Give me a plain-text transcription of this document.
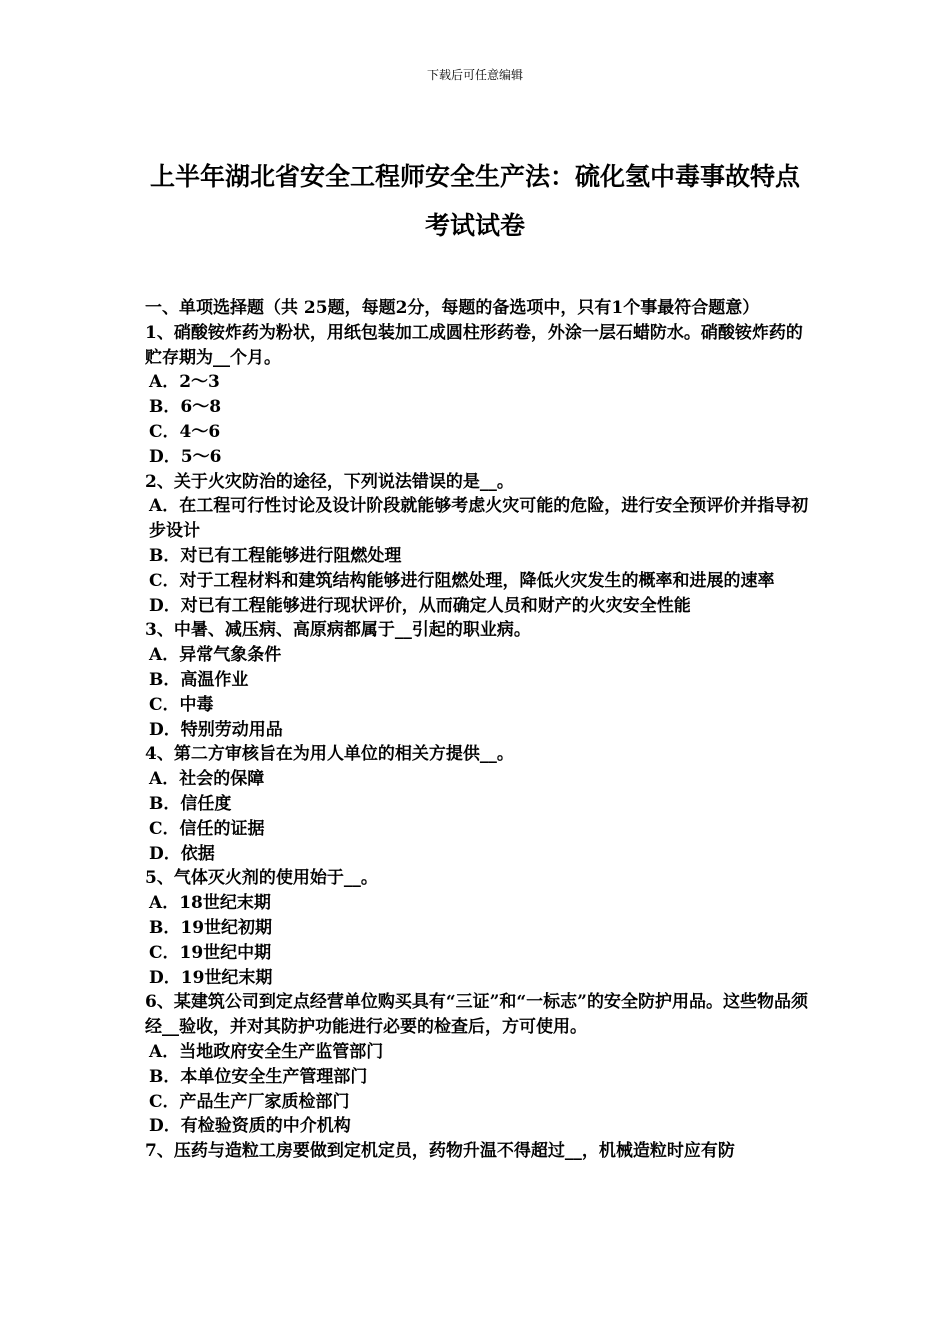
下载后可任意编辑
上半年湖北省安全工程师安全生产法：硫化氢中毒事故特点考试试卷

一、单项选择题（共 25题，每题2分，每题的备选项中，只有1个事最符合题意）

1、硝酸铵炸药为粉状，用纸包装加工成圆柱形药卷，外涂一层石蜡防水。硝酸铵炸药的贮存期为__个月。

A．2～3

B．6～8

C．4～6

D．5～6

2、关于火灾防治的途径，下列说法错误的是__。

A．在工程可行性讨论及设计阶段就能够考虑火灾可能的危险，进行安全预评价并指导初步设计

B．对已有工程能够进行阻燃处理

C．对于工程材料和建筑结构能够进行阻燃处理，降低火灾发生的概率和进展的速率

D．对已有工程能够进行现状评价，从而确定人员和财产的火灾安全性能

3、中暑、减压病、高原病都属于__引起的职业病。

A．异常气象条件

B．高温作业

C．中毒

D．特别劳动用品

4、第二方审核旨在为用人单位的相关方提供__。

A．社会的保障

B．信任度

C．信任的证据

D．依据

5、气体灭火剂的使用始于__。

A．18世纪末期

B．19世纪初期

C．19世纪中期

D．19世纪末期

6、某建筑公司到定点经营单位购买具有“三证”和“一标志”的安全防护用品。这些物品须经__验收，并对其防护功能进行必要的检查后，方可使用。

A．当地政府安全生产监管部门

B．本单位安全生产管理部门

C．产品生产厂家质检部门

D．有检验资质的中介机构

7、压药与造粒工房要做到定机定员，药物升温不得超过__，机械造粒时应有防
